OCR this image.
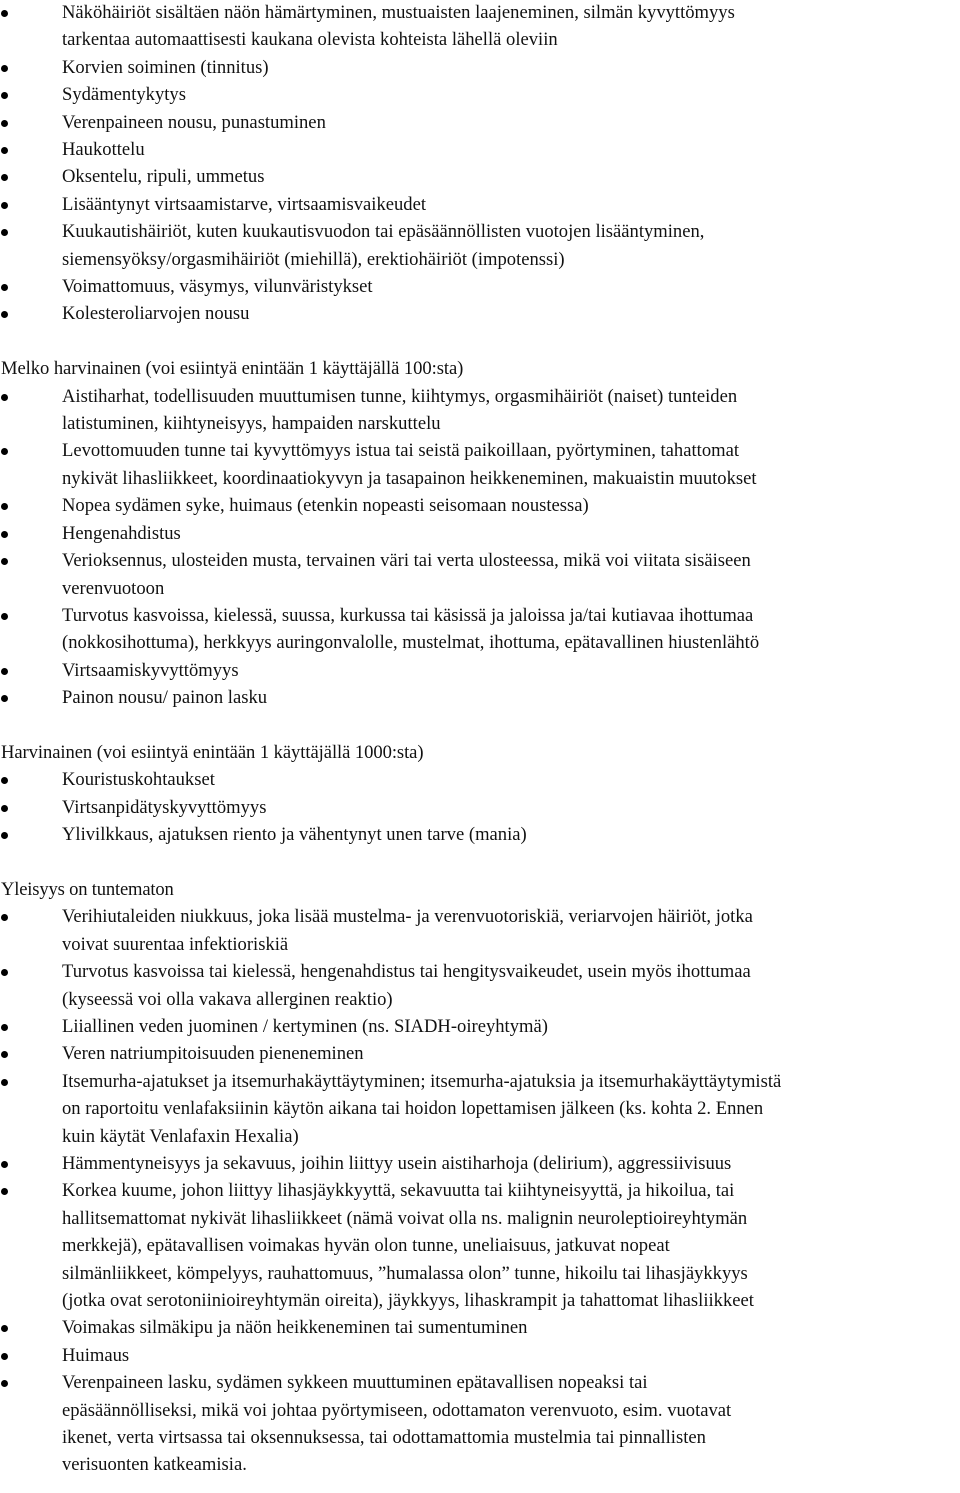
Näköhäiriöt sisältäen näön hämärtyminen, mustuaisten laajeneminen, silmän kyvyttömyys
tarkentaa automaattisesti kaukana olevista kohteista lähellä oleviin
Korvien soiminen (tinnitus)
Sydämentykytys
Verenpaineen nousu, punastuminen
Haukottelu
Oksentelu, ripuli, ummetus
Lisääntynyt virtsaamistarve, virtsaamisvaikeudet
Kuukautishäiriöt, kuten kuukautisvuodon tai epäsäännöllisten vuotojen lisääntyminen,
siemensyöksy/orgasmihäiriöt (miehillä), erektiohäiriöt (impotenssi)
Voimattomuus, väsymys, vilunväristykset
Kolesteroliarvojen nousu
Melko harvinainen (voi esiintyä enintään 1 käyttäjällä 100:sta)
Aistiharhat, todellisuuden muuttumisen tunne, kiihtymys, orgasmihäiriöt (naiset) tunteiden
latistuminen, kiihtyneisyys, hampaiden narskuttelu
Levottomuuden tunne tai kyvyttömyys istua tai seistä paikoillaan, pyörtyminen, tahattomat
nykivät lihasliikkeet, koordinaatiokyvyn ja tasapainon heikkeneminen, makuaistin muutokset
Nopea sydämen syke, huimaus (etenkin nopeasti seisomaan noustessa)
Hengenahdistus
Verioksennus, ulosteiden musta, tervainen väri tai verta ulosteessa, mikä voi viitata sisäiseen
verenvuotoon
Turvotus kasvoissa, kielessä, suussa, kurkussa tai käsissä ja jaloissa ja/tai kutiavaa ihottumaa
(nokkosihottuma), herkkyys auringonvalolle, mustelmat, ihottuma, epätavallinen hiustenlähtö
Virtsaamiskyvyttömyys
Painon nousu/ painon lasku
Harvinainen (voi esiintyä enintään 1 käyttäjällä 1000:sta)
Kouristuskohtaukset
Virtsanpidätyskyvyttömyys
Ylivilkkaus, ajatuksen riento ja vähentynyt unen tarve (mania)
Yleisyys on tuntematon
Verihiutaleiden niukkuus, joka lisää mustelma- ja verenvuotoriskiä, veriarvojen häiriöt, jotka
voivat suurentaa infektioriskiä
Turvotus kasvoissa tai kielessä, hengenahdistus tai hengitysvaikeudet, usein myös ihottumaa
(kyseessä voi olla vakava allerginen reaktio)
Liiallinen veden juominen / kertyminen (ns. SIADH-oireyhtymä)
Veren natriumpitoisuuden pieneneminen
Itsemurha-ajatukset ja itsemurhakäyttäytyminen; itsemurha-ajatuksia ja itsemurhakäyttäytymistä
on raportoitu venlafaksiinin käytön aikana tai hoidon lopettamisen jälkeen (ks. kohta 2. Ennen
kuin käytät Venlafaxin Hexalia)
Hämmentyneisyys ja sekavuus, joihin liittyy usein aistiharhoja (delirium), aggressiivisuus
Korkea kuume, johon liittyy lihasjäykkyyttä, sekavuutta tai kiihtyneisyyttä, ja hikoilua, tai
hallitsemattomat nykivät lihasliikkeet (nämä voivat olla ns. malignin neuroleptioireyhtymän
merkkejä), epätavallisen voimakas hyvän olon tunne, uneliaisuus, jatkuvat nopeat
silmänliikkeet, kömpelyys, rauhattomuus, ”humalassa olon” tunne, hikoilu tai lihasjäykkyys
(jotka ovat serotoniinioireyhtymän oireita), jäykkyys, lihaskrampit ja tahattomat lihasliikkeet
Voimakas silmäkipu ja näön heikkeneminen tai sumentuminen
Huimaus
Verenpaineen lasku, sydämen sykkeen muuttuminen epätavallisen nopeaksi tai
epäsäännölliseksi, mikä voi johtaa pyörtymiseen, odottamaton verenvuoto, esim. vuotavat
ikenet, verta virtsassa tai oksennuksessa, tai odottamattomia mustelmia tai pinnallisten
verisuonten katkeamisia.
